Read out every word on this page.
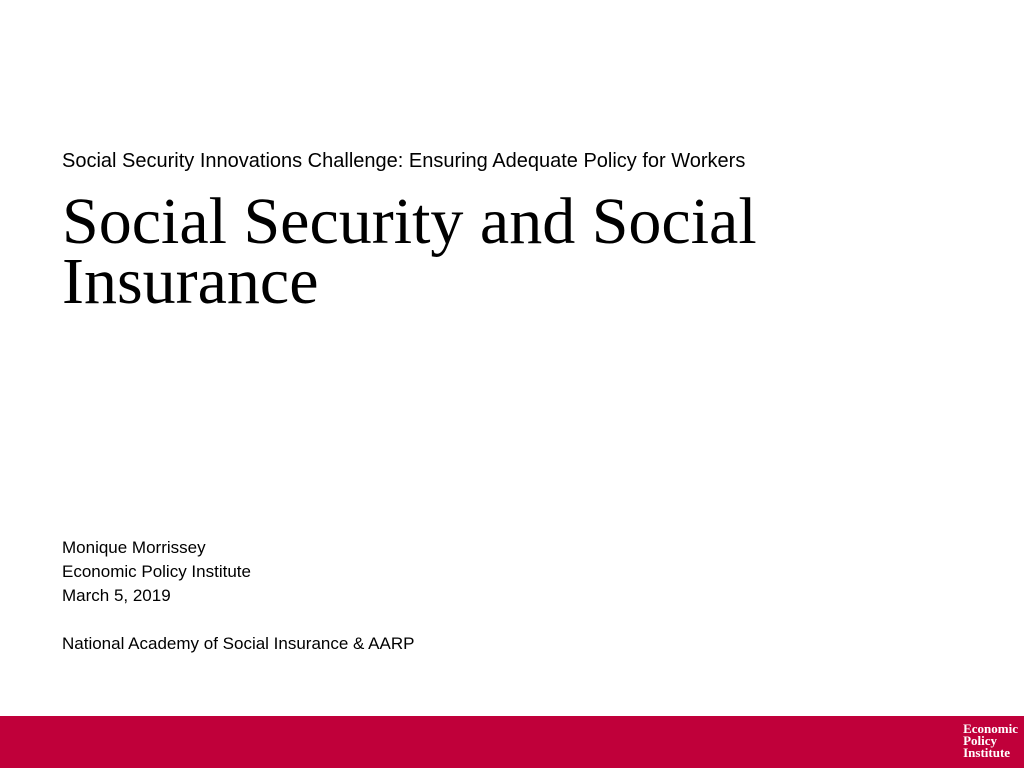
Social Security Innovations Challenge: Ensuring Adequate Policy for Workers
Social Security and Social
Insurance
Monique Morrissey
Economic Policy Institute
March 5, 2019
National Academy of Social Insurance & AARP
Economic
Policy
Institute
